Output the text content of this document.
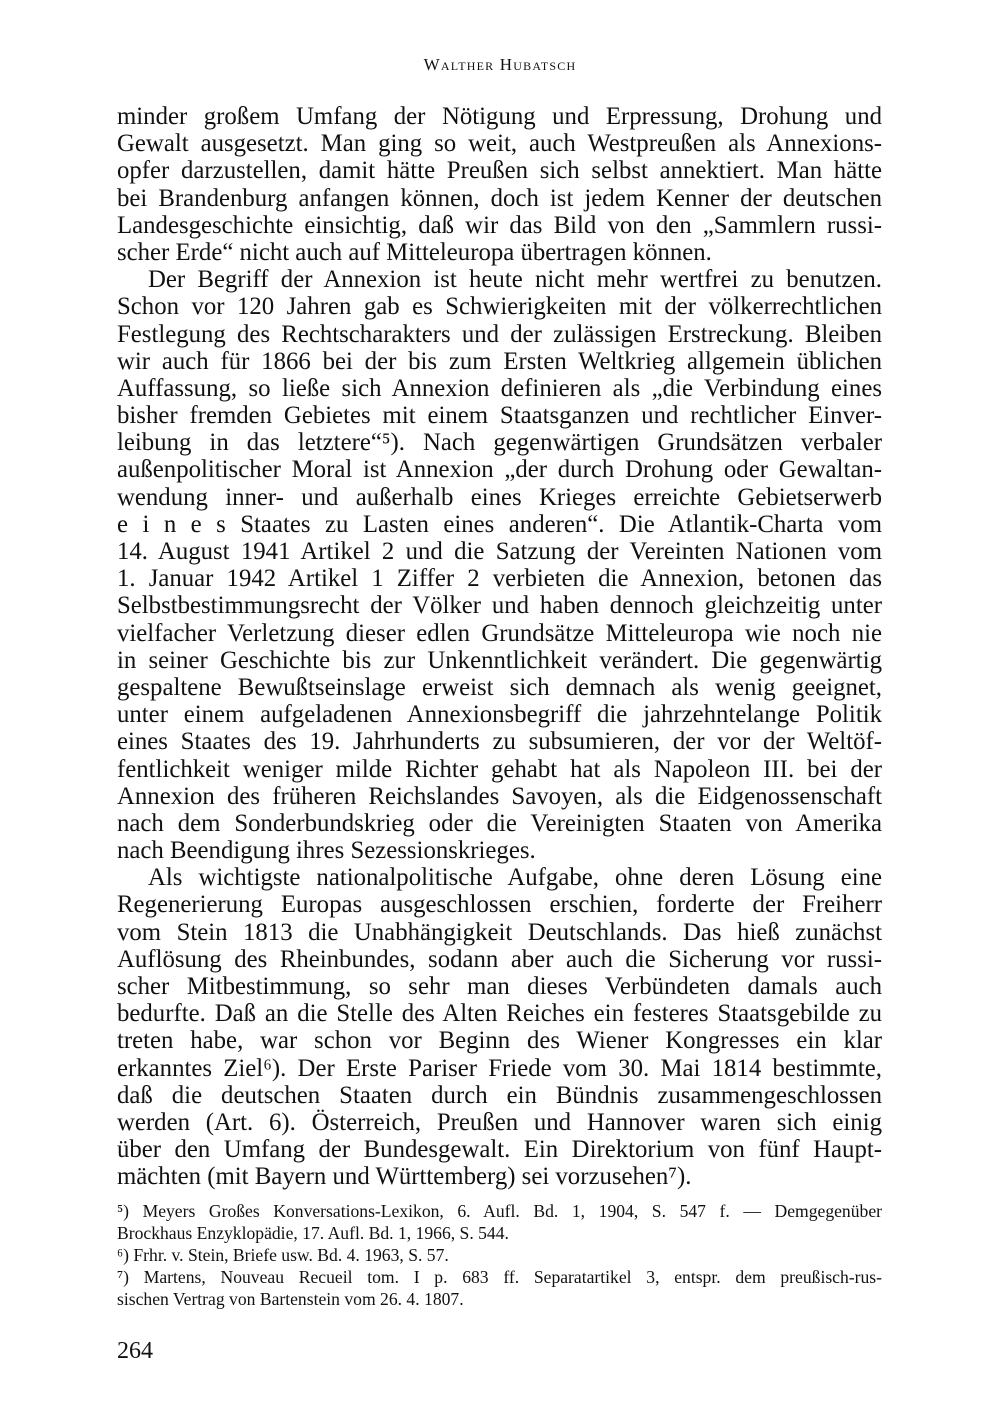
Walther Hubatsch
minder großem Umfang der Nötigung und Erpressung, Drohung und
Gewalt ausgesetzt. Man ging so weit, auch Westpreußen als Annexions-
opfer darzustellen, damit hätte Preußen sich selbst annektiert. Man hätte
bei Brandenburg anfangen können, doch ist jedem Kenner der deutschen
Landesgeschichte einsichtig, daß wir das Bild von den „Sammlern russi-
scher Erde“ nicht auch auf Mitteleuropa übertragen können.
Der Begriff der Annexion ist heute nicht mehr wertfrei zu benutzen.
Schon vor 120 Jahren gab es Schwierigkeiten mit der völkerrechtlichen
Festlegung des Rechtscharakters und der zulässigen Erstreckung. Bleiben
wir auch für 1866 bei der bis zum Ersten Weltkrieg allgemein üblichen
Auffassung, so ließe sich Annexion definieren als „die Verbindung eines
bisher fremden Gebietes mit einem Staatsganzen und rechtlicher Einver-
leibung in das letztere“⁵). Nach gegenwärtigen Grundsätzen verbaler
außenpolitischer Moral ist Annexion „der durch Drohung oder Gewaltan-
wendung inner- und außerhalb eines Krieges erreichte Gebietserwerb
e i n e s Staates zu Lasten eines anderen“. Die Atlantik-Charta vom
14. August 1941 Artikel 2 und die Satzung der Vereinten Nationen vom
1. Januar 1942 Artikel 1 Ziffer 2 verbieten die Annexion, betonen das
Selbstbestimmungsrecht der Völker und haben dennoch gleichzeitig unter
vielfacher Verletzung dieser edlen Grundsätze Mitteleuropa wie noch nie
in seiner Geschichte bis zur Unkenntlichkeit verändert. Die gegenwärtig
gespaltene Bewußtseinslage erweist sich demnach als wenig geeignet,
unter einem aufgeladenen Annexionsbegriff die jahrzehntelange Politik
eines Staates des 19. Jahrhunderts zu subsumieren, der vor der Weltöf-
fentlichkeit weniger milde Richter gehabt hat als Napoleon III. bei der
Annexion des früheren Reichslandes Savoyen, als die Eidgenossenschaft
nach dem Sonderbundskrieg oder die Vereinigten Staaten von Amerika
nach Beendigung ihres Sezessionskrieges.
Als wichtigste nationalpolitische Aufgabe, ohne deren Lösung eine
Regenerierung Europas ausgeschlossen erschien, forderte der Freiherr
vom Stein 1813 die Unabhängigkeit Deutschlands. Das hieß zunächst
Auflösung des Rheinbundes, sodann aber auch die Sicherung vor russi-
scher Mitbestimmung, so sehr man dieses Verbündeten damals auch
bedurfte. Daß an die Stelle des Alten Reiches ein festeres Staatsgebilde zu
treten habe, war schon vor Beginn des Wiener Kongresses ein klar
erkanntes Ziel⁶). Der Erste Pariser Friede vom 30. Mai 1814 bestimmte,
daß die deutschen Staaten durch ein Bündnis zusammengeschlossen
werden (Art. 6). Österreich, Preußen und Hannover waren sich einig
über den Umfang der Bundesgewalt. Ein Direktorium von fünf Haupt-
mächten (mit Bayern und Württemberg) sei vorzusehen⁷).
⁵) Meyers Großes Konversations-Lexikon, 6. Aufl. Bd. 1, 1904, S. 547 f. — Demgegenüber
Brockhaus Enzyklopädie, 17. Aufl. Bd. 1, 1966, S. 544.
⁶) Frhr. v. Stein, Briefe usw. Bd. 4. 1963, S. 57.
⁷) Martens, Nouveau Recueil tom. I p. 683 ff. Separatartikel 3, entspr. dem preußisch-rus-
sischen Vertrag von Bartenstein vom 26. 4. 1807.
264
